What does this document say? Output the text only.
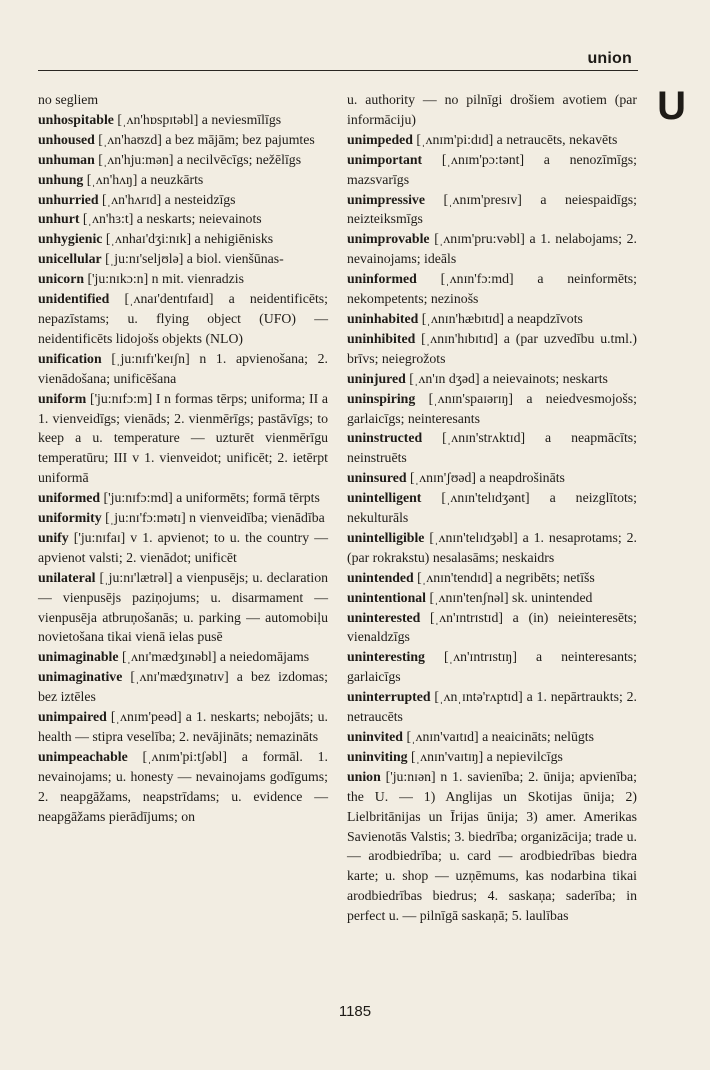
union
U

no segliem

unhospitable [ˌʌn'hɒspɪtəbl] a neviesmīlīgs

unhoused [ˌʌn'haʊzd] a bez mājām; bez pajumtes

unhuman [ˌʌn'hju:mən] a necilvēcīgs; nežēlīgs

unhung [ˌʌn'hʌŋ] a neuzkārts

unhurried [ˌʌn'hʌrɪd] a nesteidzīgs

unhurt [ˌʌn'hɜ:t] a neskarts; neievainots

unhygienic [ˌʌnhaɪ'dʒi:nɪk] a nehigiēnisks

unicellular [ˌju:nɪ'seljʊlə] a biol. vienšūnas-

unicorn ['ju:nɪkɔ:n] n mit. vienradzis

unidentified [ˌʌnaɪ'dentɪfaɪd] a neidentificēts; nepazīstams; u. flying object (UFO) — neidentificēts lidojošs objekts (NLO)

unification [ˌju:nɪfɪ'keɪʃn] n 1. apvienošana; 2. vienādošana; unificēšana

uniform ['ju:nɪfɔ:m] I n formas tērps; uniforma; II a 1. vienveidīgs; vienāds; 2. vienmērīgs; pastāvīgs; to keep a u. temperature — uzturēt vienmērīgu temperatūru; III v 1. vienveidot; unificēt; 2. ietērpt uniformā

uniformed ['ju:nɪfɔ:md] a uniformēts; formā tērpts

uniformity [ˌju:nɪ'fɔ:mətɪ] n vienveidība; vienādība

unify ['ju:nɪfaɪ] v 1. apvienot; to u. the country — apvienot valsti; 2. vienādot; unificēt

unilateral [ˌju:nɪ'lætrəl] a vienpusējs; u. declaration — vienpusējs paziņojums; u. disarmament — vienpusēja atbruņošanās; u. parking — automobiļu novietošana tikai vienā ielas pusē

unimaginable [ˌʌnɪ'mædʒɪnəbl] a neiedomājams

unimaginative [ˌʌnɪ'mædʒɪnətɪv] a bez izdomas; bez iztēles

unimpaired [ˌʌnɪm'peəd] a 1. neskarts; nebojāts; u. health — stipra veselība; 2. nevājināts; nemazināts

unimpeachable [ˌʌnɪm'pi:tʃəbl] a formāl. 1. nevainojams; u. honesty — nevainojams godīgums; 2. neapgāžams, neapstrīdams; u. evidence — neapgāžams pierādījums; on

u. authority — no pilnīgi drošiem avotiem (par informāciju)

unimpeded [ˌʌnɪm'pi:dɪd] a netraucēts, nekavēts

unimportant [ˌʌnɪm'pɔ:tənt] a nenozīmīgs; mazsvarīgs

unimpressive [ˌʌnɪm'presɪv] a neiespaidīgs; neizteiksmīgs

unimprovable [ˌʌnɪm'pru:vəbl] a 1. nelabojams; 2. nevainojams; ideāls

uninformed [ˌʌnɪn'fɔ:md] a neinformēts; nekompetents; nezinošs

uninhabited [ˌʌnɪn'hæbɪtɪd] a neapdzīvots

uninhibited [ˌʌnɪn'hɪbɪtɪd] a (par uzvedību u.tml.) brīvs; neiegrožots

uninjured [ˌʌn'ɪn dʒəd] a neievainots; neskarts

uninspiring [ˌʌnɪn'spaɪərɪŋ] a neiedvesmojošs; garlaicīgs; neinteresants

uninstructed [ˌʌnɪn'strʌktɪd] a neapmācīts; neinstruēts

uninsured [ˌʌnɪn'ʃʊəd] a neapdrošināts

unintelligent [ˌʌnɪn'telɪdʒənt] a neizglītots; nekulturāls

unintelligible [ˌʌnɪn'telɪdʒəbl] a 1. nesaprotams; 2. (par rokrakstu) nesalasāms; neskaidrs

unintended [ˌʌnɪn'tendɪd] a negribēts; netīšs

unintentional [ˌʌnɪn'tenʃnəl] sk. unintended

uninterested [ˌʌn'ɪntrɪstɪd] a (in) neieinteresēts; vienaldzīgs

uninteresting [ˌʌn'ɪntrɪstɪŋ] a neinteresants; garlaicīgs

uninterrupted [ˌʌnˌɪntə'rʌptɪd] a 1. nepārtraukts; 2. netraucēts

uninvited [ˌʌnɪn'vaɪtɪd] a neaicināts; nelūgts

uninviting [ˌʌnɪn'vaɪtɪŋ] a nepievilcīgs

union ['ju:nɪən] n 1. savienība; 2. ūnija; apvienība; the U. — 1) Anglijas un Skotijas ūnija; 2) Lielbritānijas un Īrijas ūnija; 3) amer. Amerikas Savienotās Valstis; 3. biedrība; organizācija; trade u. — arodbiedrība; u. card — arodbiedrības biedra karte; u. shop — uzņēmums, kas nodarbina tikai arodbiedrības biedrus; 4. saskaņa; saderība; in perfect u. — pilnīgā saskaņā; 5. laulības

1185
